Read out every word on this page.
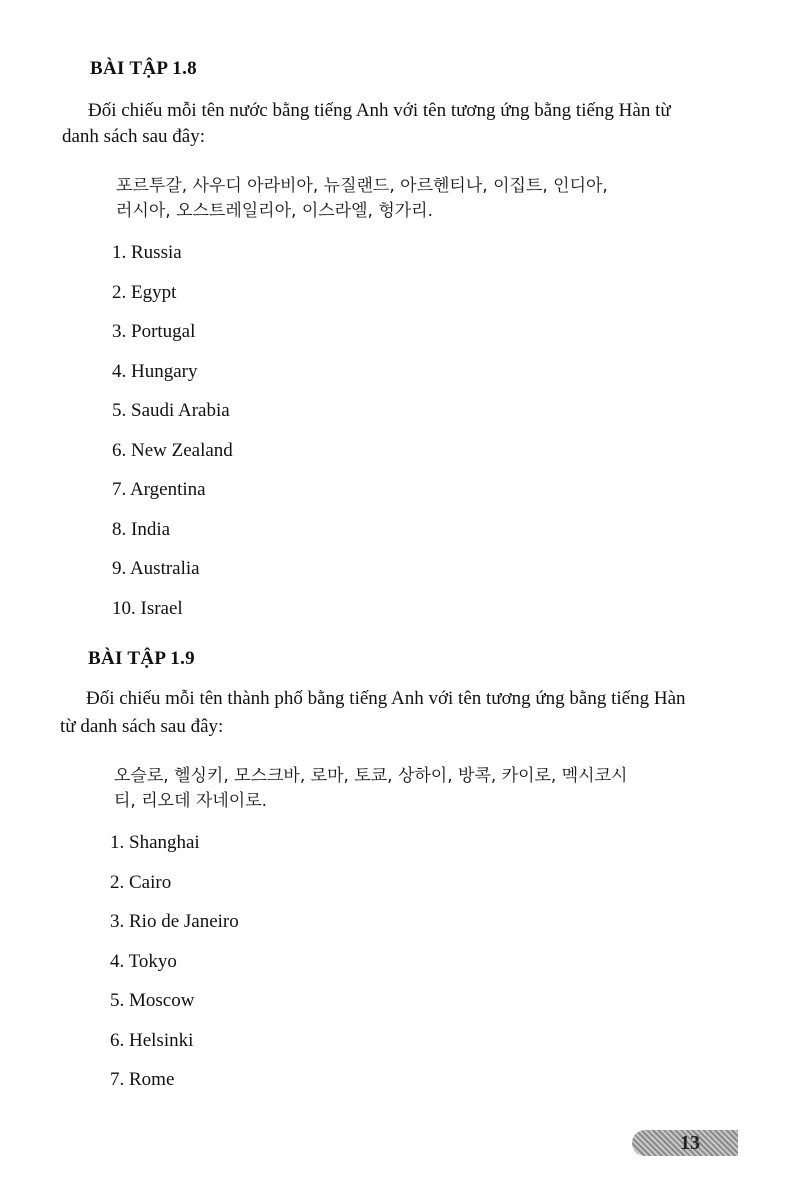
BÀI TẬP 1.8
Đối chiếu mỗi tên nước bằng tiếng Anh với tên tương ứng bằng tiếng Hàn từ
danh sách sau đây:
포르투갈, 사우디 아라비아, 뉴질랜드, 아르헨티나, 이집트, 인디아,
러시아, 오스트레일리아, 이스라엘, 헝가리.
1. Russia
2. Egypt
3. Portugal
4. Hungary
5. Saudi Arabia
6. New Zealand
7. Argentina
8. India
9. Australia
10. Israel
BÀI TẬP 1.9
Đối chiếu mỗi tên thành phố bằng tiếng Anh với tên tương ứng bằng tiếng Hàn
từ danh sách sau đây:
오슬로, 헬싱키, 모스크바, 로마, 토쿄, 상하이, 방콕, 카이로, 멕시코시
티, 리오데 자네이로.
1. Shanghai
2. Cairo
3. Rio de Janeiro
4. Tokyo
5. Moscow
6. Helsinki
7. Rome
13
